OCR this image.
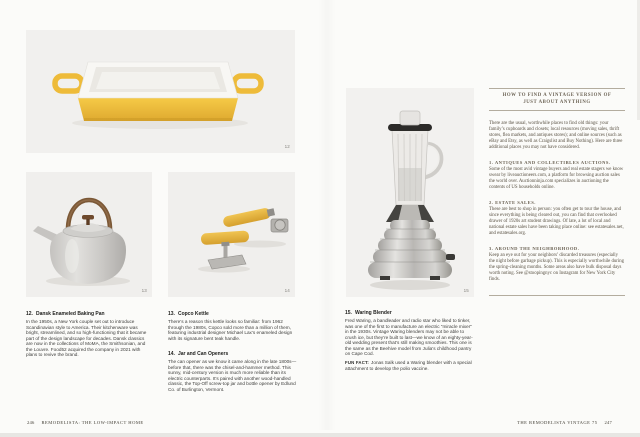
12
13	14
12. Dansk Enameled Baking Pan
In the 1950s, a New York couple set out to introduce Scandinavian style to America. Their kitchenware was bright, streamlined, and so high-functioning that it became part of the design landscape for decades. Dansk classics are now in the collections of MoMA, the Smithsonian, and the Louvre. Food52 acquired the company in 2021 with plans to revive the brand.
13. Copco Kettle
There’s a reason this kettle looks so familiar: from 1962 through the 1980s, Copco sold more than a million of them, featuring industrial designer Michael Lax’s enameled design with its signature bent teak handle.
14. Jar and Can Openers
The can opener as we know it came along in the late 1800s—before that, there was the chisel-and-hammer method. This sunny, mid-century version is much more reliable than its electric counterparts. It’s paired with another wood-handled classic, the Top-Off screw-top jar and bottle opener by Edlund Co. of Burlington, Vermont.
246 REMODELISTA: THE LOW-IMPACT HOME
15
15. Waring Blender
Fred Waring, a bandleader and radio star who liked to tinker, was one of the first to manufacture an electric “miracle mixer” in the 1930s. Vintage Waring blenders may not be able to crush ice, but they’re built to last—we know of an eighty-year-old wedding present that’s still making smoothies. This one is the same as the Beehive model from Julia’s childhood pantry on Cape Cod.
FUN FACT: Jonas Salk used a Waring blender with a special attachment to develop the polio vaccine.
HOW TO FIND A VINTAGE VERSION OF
JUST ABOUT ANYTHING
There are the usual, worthwhile places to find old things: your family’s cupboards and closets; local resources (moving sales, thrift stores, flea markets, and antiques stores); and online sources (such as eBay and Etsy, as well as Craigslist and Buy Nothing). Here are three additional places you may not have considered.
1. ANTIQUES AND COLLECTIBLES AUCTIONS.
Some of the most avid vintage buyers and real estate stagers we know swear by liveauctioneers.com, a platform for browsing auction sales the world over. Auctionninja.com specializes in auctioning the contents of US households online.
2. ESTATE SALES.
These are best to shop in person: you often get to tour the house, and since everything is being cleared out, you can find that overlooked drawer of 1920s art student drawings. Of late, a lot of local and national estate sales have been taking place online: see estatesales.net, and estatesales.org.
3. AROUND THE NEIGHBORHOOD.
Keep an eye out for your neighbors’ discarded treasures (especially the night before garbage pickup). This is especially worthwhile during the spring-cleaning months. Some areas also have bulk disposal days worth noting. See @stoopingnyc on Instagram for New York City finds.
THE REMODELISTA VINTAGE 75 247
